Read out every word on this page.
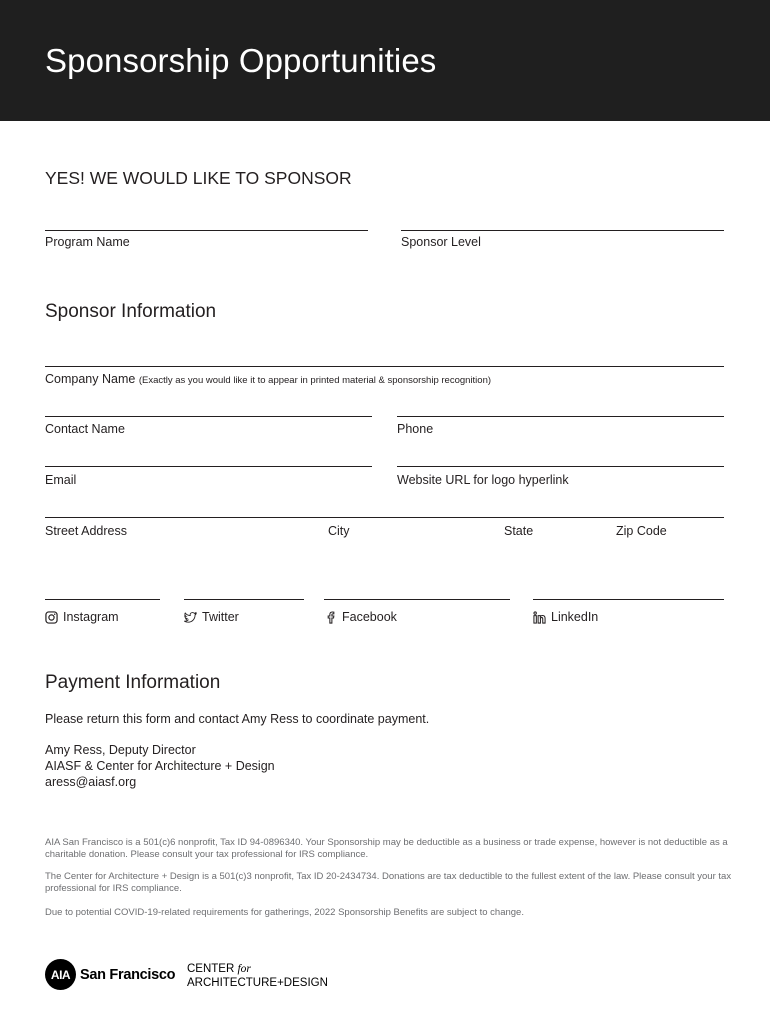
Sponsorship Opportunities
YES! WE WOULD LIKE TO SPONSOR
Program Name	Sponsor Level
Sponsor Information
Company Name (Exactly as you would like it to appear in printed material & sponsorship recognition)
Contact Name	Phone
Email	Website URL for logo hyperlink
Street Address	City	State	Zip Code
Instagram	Twitter	Facebook	LinkedIn
Payment Information
Please return this form and contact Amy Ress to coordinate payment.
Amy Ress, Deputy Director
AIASF & Center for Architecture + Design
aress@aiasf.org
AIA San Francisco is a 501(c)6 nonprofit, Tax ID 94-0896340. Your Sponsorship may be deductible as a business or trade expense, however is not deductible as a charitable donation. Please consult your tax professional for IRS compliance.
The Center for Architecture + Design is a 501(c)3 nonprofit, Tax ID 20-2434734. Donations are tax deductible to the fullest extent of the law. Please consult your tax professional for IRS compliance.
Due to potential COVID-19-related requirements for gatherings, 2022 Sponsorship Benefits are subject to change.
AIA San Francisco CENTER for
ARCHITECTURE+DESIGN
